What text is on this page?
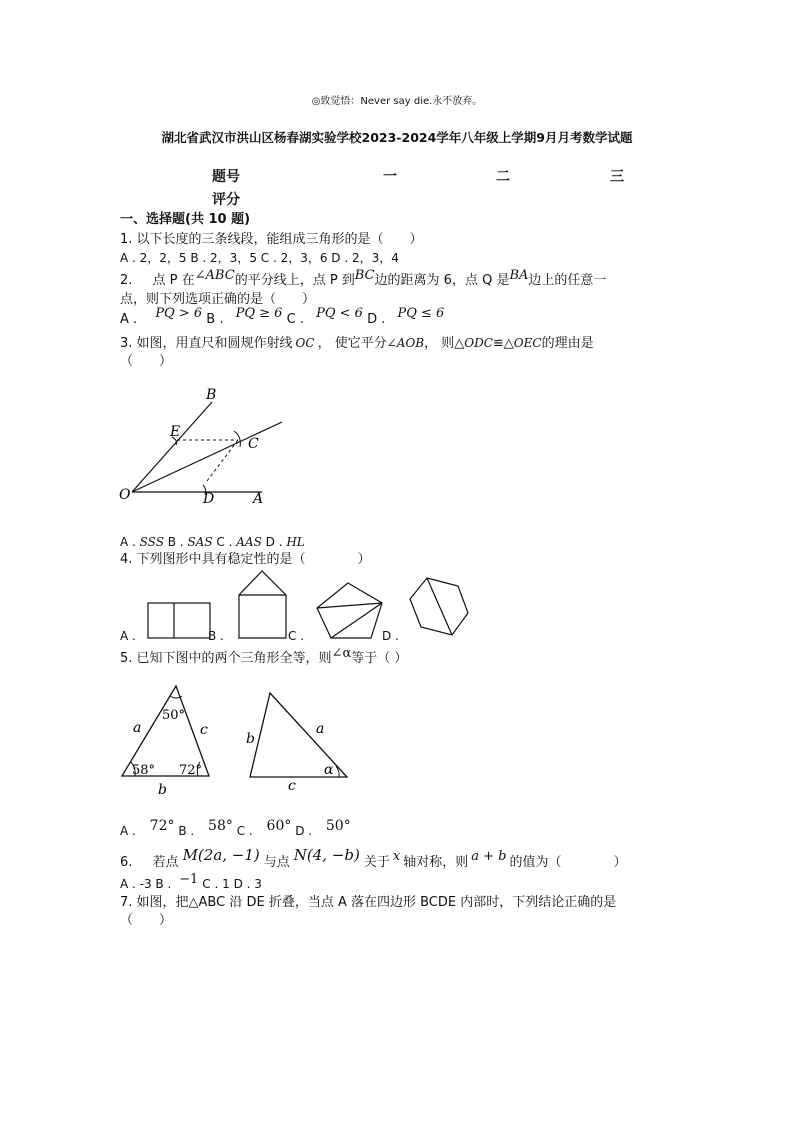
◎致觉悟：Never say die.永不放弃。
湖北省武汉市洪山区杨春湖实验学校2023-2024学年八年级上学期9月月考数学试题
题号	一	二	三
评分
一、选择题(共 10 题)
1. 以下长度的三条线段，能组成三角形的是（　　）
A . 2，2，5 B . 2，3，5 C . 2，3，6 D . 2，3，4
2. 点 P 在∠ABC的平分线上，点 P 到BC边的距离为 6，点 Q 是BA边上的任意一
点，则下列选项正确的是（　　）
A . PQ > 6 B . PQ ≥ 6 C . PQ < 6 D . PQ ≤ 6
3. 如图，用直尺和圆规作射线 OC ， 使它平分∠AOB， 则△ODC≌△OEC的理由是
（　　）
B
E
C
O	D	A
A . SSS B . SAS C . AAS D . HL
4. 下列图形中具有稳定性的是（　　　　）
A .	B .	C .	D .
5. 已知下图中的两个三角形全等，则∠α等于（ ）
a	c
b
50°
58° 72°
b
a
c
α
A . 72° B . 58° C . 60° D . 50°
6. 若点 M(2a, −1) 与点 N(4, −b) 关于 x 轴对称，则 a + b 的值为（　　　　）
A . -3 B . −1 C . 1 D . 3
7. 如图，把△ABC 沿 DE 折叠，当点 A 落在四边形 BCDE 内部时，下列结论正确的是
（　　）
